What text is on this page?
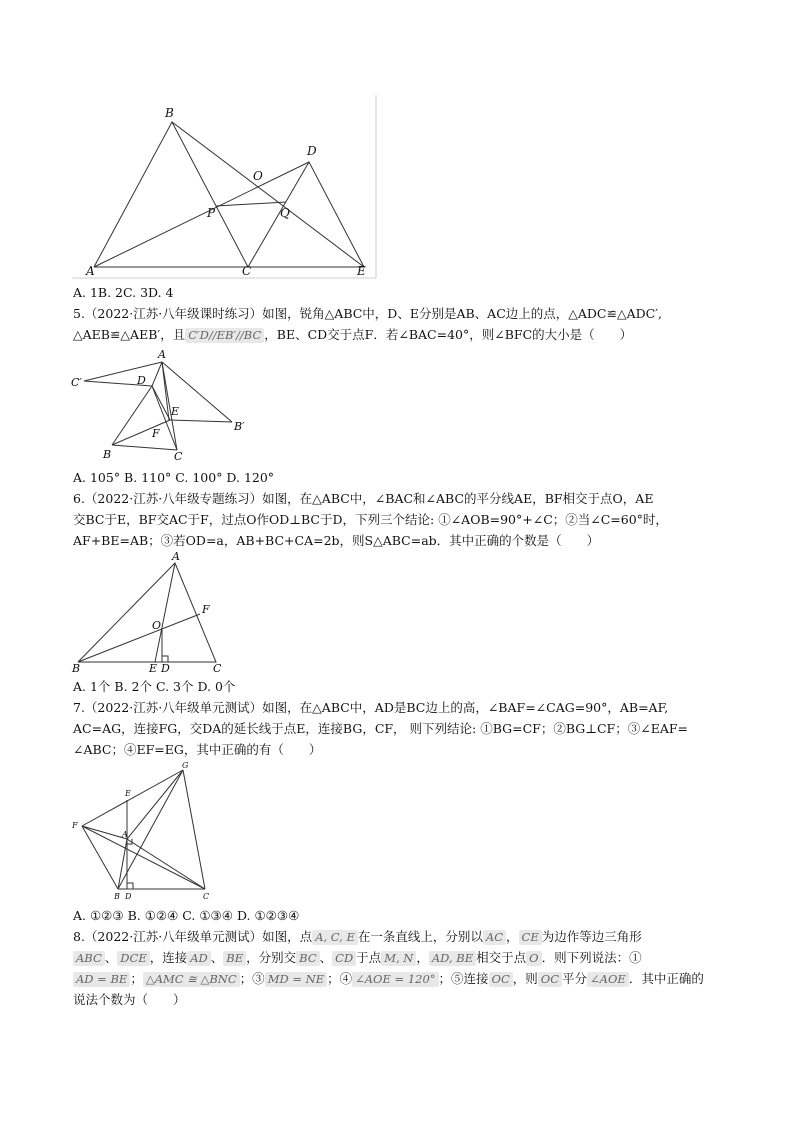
B
D
O
P	Q
A	C	E
A. 1B. 2C. 3D. 4
5.（2022·江苏·八年级课时练习）如图，锐角△ABC中，D、E分别是AB、AC边上的点，△ADC≌△ADC′,
△AEB≌△AEB′，且 C′D//EB′//BC ，BE、CD交于点F．若∠BAC=40°，则∠BFC的大小是（　　）
A
C′	D
E
F
B′
B	C
A. 105° B. 110° C. 100° D. 120°
6.（2022·江苏·八年级专题练习）如图，在△ABC中，∠BAC和∠ABC的平分线AE，BF相交于点O，AE
交BC于E，BF交AC于F，过点O作OD⊥BC于D，下列三个结论: ①∠AOB=90°+∠C；②当∠C=60°时，
AF+BE=AB；③若OD=a，AB+BC+CA=2b，则S△ABC=ab．其中正确的个数是（　　）
A
F
O
B	E D	C
A. 1个 B. 2个 C. 3个 D. 0个
7.（2022·江苏·八年级单元测试）如图，在△ABC中，AD是BC边上的高，∠BAF=∠CAG=90°，AB=AF,
AC=AG，连接FG，交DA的延长线于点E，连接BG，CF， 则下列结论: ①BG=CF；②BG⊥CF；③∠EAF=
∠ABC；④EF=EG，其中正确的有（　　）
G
E
F
A
B D	C
A. ①②③ B. ①②④ C. ①③④ D. ①②③④
8.（2022·江苏·八年级单元测试）如图，点 A, C, E 在一条直线上，分别以 AC ， CE 为边作等边三角形
ABC 、 DCE ，连接 AD 、 BE ，分别交 BC 、 CD 于点 M, N ， AD, BE 相交于点 O ．则下列说法：①
AD = BE ； △AMC ≅ △BNC ；③ MD = NE ；④ ∠AOE = 120° ；⑤连接 OC ，则 OC 平分 ∠AOE ．其中正确的
说法个数为（　　）
